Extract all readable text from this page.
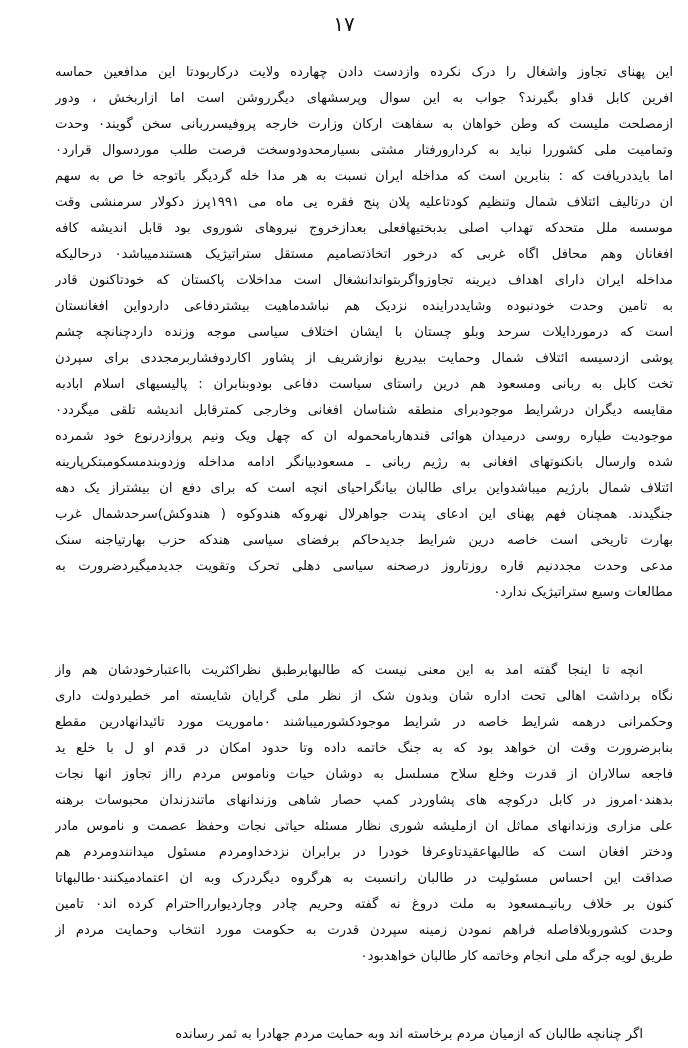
١٧
این پهنای تجاوز واشغال را درک نکرده وازدست دادن چهارده ولایت درکاربودتا این مدافعین حماسه
افرین کابل قداو بگیرند؟ جواب به این سوال وپرسشهای دیگرروشن است اما ازاربخش ، ودور
ازمصلحت ملیست که وطن خواهان به سفاهت ارکان وزارت خارجه پروفیسرربانی سخن گویند٠ وحدت
وتمامیت ملی کشوررا نباید به کردارورفتار مشتی بسیارمحدودوسخت فرصت طلب موردسوال قرارد٠
اما بایددریافت که : بنابرین است که مداخله ایران نسبت به هر مدا خله گردیگر باتوجه خا ص به سهم
ان درتالیف ائتلاف شمال وتنظیم کودتاعلیه پلان پنج فقره یی ماه می ۱۹۹۱پرز دکولار سرمنشی وقت
موسسه ملل متحدکه تهداب اصلی بدبختیهافعلی بعدازخروج نیروهای شوروی بود قابل اندیشه کافه
افغانان وهم محافل اگاه غربی که درخور اتخاذتصامیم مستقل ستراتیژیک هستندمیباشد٠ درحالیکه
مداخله ایران دارای اهداف دیرینه تجاوزواگربتواندانشغال است مداخلات پاکستان که خودتاکنون قادر
به تامین وحدت خودنبوده وشایددراینده نزدیک هم نباشدماهیت بیشتردفاعی داردواین افغانستان
است که درموردایلات سرحد وبلو چستان با ایشان اختلاف سیاسی موجه وزنده داردچنانچه چشم
پوشی ازدسیسه ائتلاف شمال وحمایت بیدریغ نوازشریف از پشاور اکاردوفشاربرمجددی برای سپردن
تخت کابل به ربانی ومسعود هم درین راستای سیاست دفاعی بودوبنابران : پالیسیهای اسلام ابادبه
مقایسه دیگران درشرایط موجودبرای منطقه شناسان افغانی وخارجی کمترقابل اندیشه تلقی میگردد٠
موجودیت طیاره روسی درمیدان هوائی قندهاربامحموله ان که چهل ویک ونیم پروازدرنوع خود شمرده
شده وارسال بانکنوتهای افغانی به رژیم ربانی ـ مسعودبیانگر ادامه مداخله وزدوبندمسکومبتکرپارینه
ائتلاف شمال بارژیم میباشدواین برای طالبان بیانگراحیای انچه است که برای دفع ان بیشتراز یک دهه
جنگیدند. همچنان فهم پهنای این ادعای پندت جواهرلال نهروکه هندوکوه ( هندوکش)سرحدشمال غرب
بهارت تاریخی است خاصه درین شرایط جدیدحاکم برفضای سیاسی هندکه حزب بهارتیاجنه سنک
مدعی وحدت مجددنیم قاره روزتاروز درصحنه سیاسی دهلی تحرک وتقویت جدیدمیگیردضرورت به
مطالعات وسیع ستراتیژیک ندارد٠
انچه تا اینجا گفته امد به این معنی نیست که طالبهابرطبق نظراکثریت بااعتبارخودشان هم واز
نگاه برداشت اهالی تحت اداره شان وبدون شک از نظر ملی گرایان شایسته امر خطیردولت داری
وحکمرانی درهمه شرایط خاصه در شرایط موجودکشورمیباشند ٠ماموریت مورد تائیدانهادرین مقطع
بنابرضرورت وقت ان خواهد بود که به جنگ خاتمه داده وتا حدود امکان در قدم او ل با خلع ید
فاجعه سالاران از قدرت وخلع سلاح مسلسل به دوشان حیات وناموس مردم رااز تجاوز انها نجات
بدهند٠امروز در کابل درکوچه های پشاوردر کمپ حصار شاهی وزندانهای ماتندزندان محبوسات برهنه
علی مزاری وزندانهای مماثل ان ازملیشه شوری نظار مسئله حیاتی نجات وحفظ عصمت و ناموس مادر
ودختر افغان است که طالبهاعقیدتاوعرفا خودرا در برابران نزدخداومردم مسئول میدانندومردم هم
صداقت این احساس مسئولیت در طالبان رانسبت به هرگروه دیگردرک وبه ان اعتمادمیکنند٠طالبهاتا
کنون بر خلاف ربانیـمسعود به ملت دروغ نه گفته وحریم چادر وچاردیواررااحترام کرده اند٠ تامین
وحدت کشوروبلافاصله فراهم نمودن زمینه سپردن قدرت به حکومت مورد انتخاب وحمایت مردم از
طریق لویه جرگه ملی انجام وخاتمه کار طالبان خواهدبود٠
اگر چنانچه طالبان که ازمیان مردم برخاسته اند وبه حمایت مردم جهادرا به ثمر رسانده
